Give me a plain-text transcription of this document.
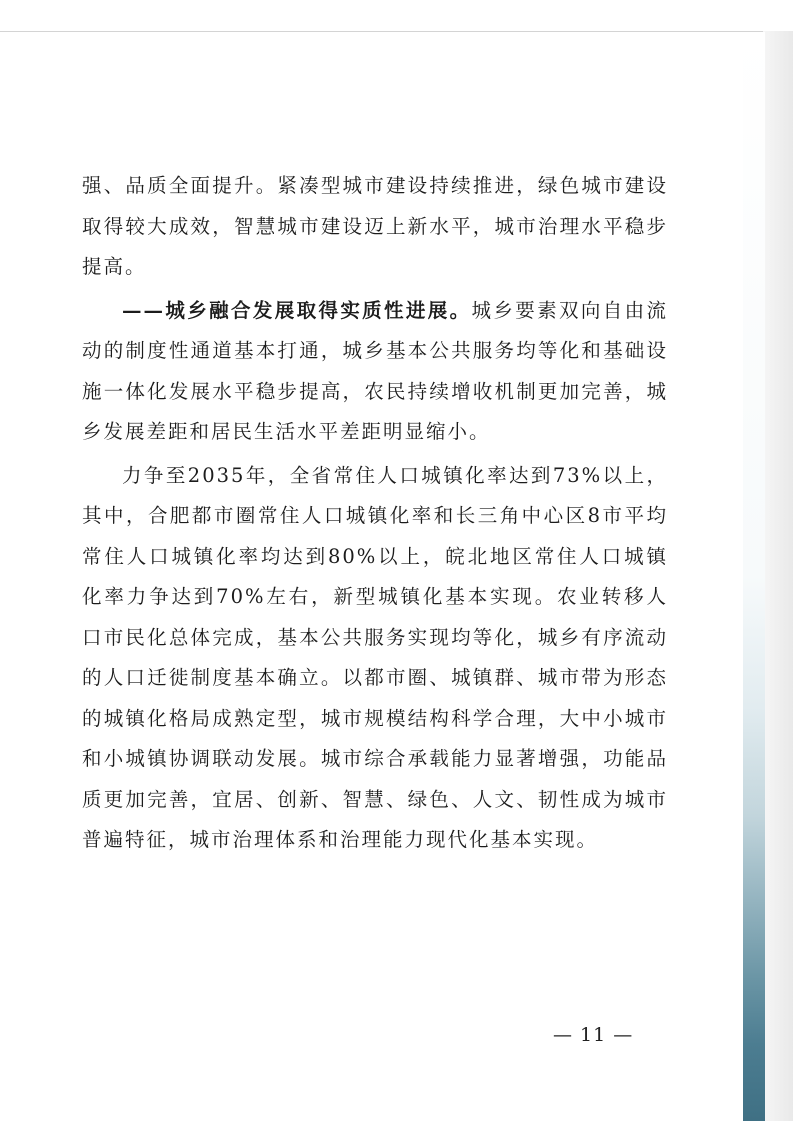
强、品质全面提升。紧凑型城市建设持续推进，绿色城市建设取得较大成效，智慧城市建设迈上新水平，城市治理水平稳步提高。

——城乡融合发展取得实质性进展。城乡要素双向自由流动的制度性通道基本打通，城乡基本公共服务均等化和基础设施一体化发展水平稳步提高，农民持续增收机制更加完善，城乡发展差距和居民生活水平差距明显缩小。

力争至2035年，全省常住人口城镇化率达到73%以上，其中，合肥都市圈常住人口城镇化率和长三角中心区8市平均常住人口城镇化率均达到80%以上，皖北地区常住人口城镇化率力争达到70%左右，新型城镇化基本实现。农业转移人口市民化总体完成，基本公共服务实现均等化，城乡有序流动的人口迁徙制度基本确立。以都市圈、城镇群、城市带为形态的城镇化格局成熟定型，城市规模结构科学合理，大中小城市和小城镇协调联动发展。城市综合承载能力显著增强，功能品质更加完善，宜居、创新、智慧、绿色、人文、韧性成为城市普遍特征，城市治理体系和治理能力现代化基本实现。

— 11 —
